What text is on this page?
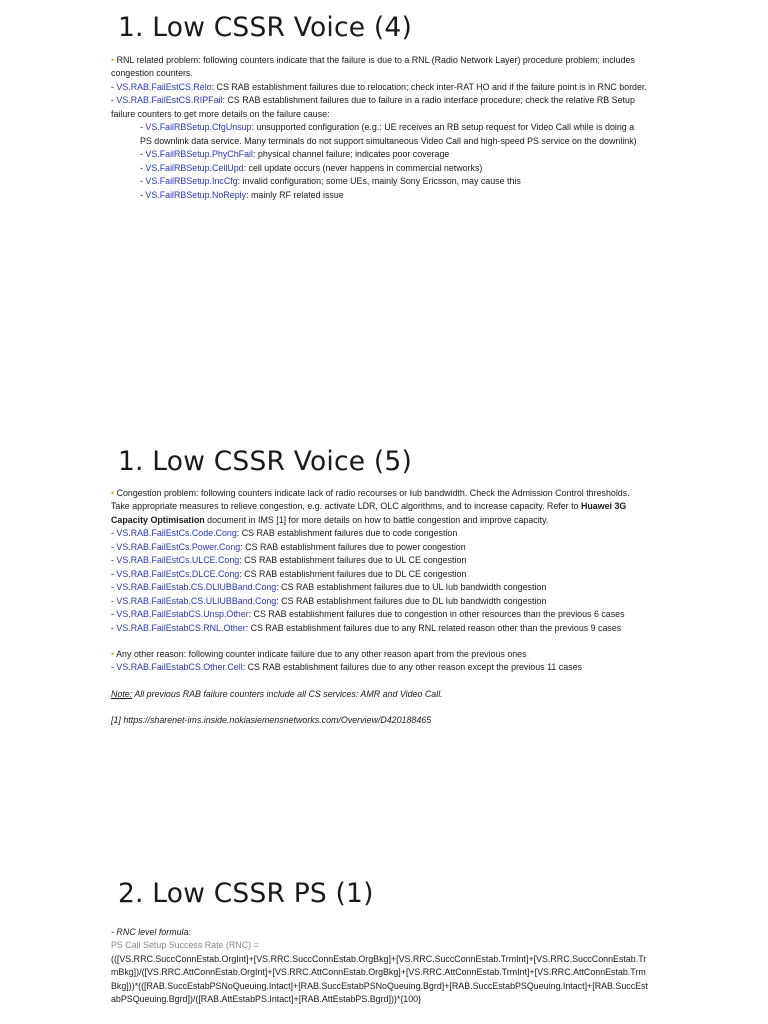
1. Low CSSR Voice (4)

• RNL related problem: following counters indicate that the failure is due to a RNL (Radio Network Layer) procedure problem; includes congestion counters.

- VS.RAB.FailEstCS.Relo: CS RAB establishment failures due to relocation; check inter-RAT HO and if the failure point is in RNC border.

- VS.RAB.FailEstCS.RIPFail: CS RAB establishment failures due to failure in a radio interface procedure; check the relative RB Setup failure counters to get more details on the failure cause:

- VS.FailRBSetup.CfgUnsup: unsupported configuration (e.g.: UE receives an RB setup request for Video Call while is doing a PS downlink data service. Many terminals do not support simultaneous Video Call and high-speed PS service on the downlink)

- VS.FailRBSetup.PhyChFail: physical channel failure; indicates poor coverage

- VS.FailRBSetup.CellUpd: cell update occurs (never happens in commercial networks)

- VS.FailRBSetup.IncCfg: invalid configuration; some UEs, mainly Sony Ericsson, may cause this

- VS.FailRBSetup.NoReply: mainly RF related issue

1. Low CSSR Voice (5)

• Congestion problem: following counters indicate lack of radio recourses or Iub bandwidth. Check the Admission Control thresholds. Take appropriate measures to relieve congestion, e.g. activate LDR, OLC algorithms, and to increase capacity. Refer to Huawei 3G Capacity Optimisation document in IMS [1] for more details on how to battle congestion and improve capacity.

- VS.RAB.FailEstCs.Code.Cong: CS RAB establishment failures due to code congestion

- VS.RAB.FailEstCs.Power.Cong: CS RAB establishment failures due to power congestion

- VS.RAB.FailEstCs.ULCE.Cong: CS RAB establishment failures due to UL CE congestion

- VS.RAB.FailEstCs.DLCE.Cong: CS RAB establishment failures due to DL CE congestion

- VS.RAB.FailEstab.CS.DLIUBBand.Cong: CS RAB establishment failures due to UL Iub bandwidth congestion

- VS.RAB.FailEstab.CS.ULIUBBand.Cong: CS RAB establishment failures due to DL Iub bandwidth congestion

- VS.RAB.FailEstabCS.Unsp.Other: CS RAB establishment failures due to congestion in other resources than the previous 6 cases

- VS.RAB.FailEstabCS.RNL.Other: CS RAB establishment failures due to any RNL related reason other than the previous 9 cases

• Any other reason: following counter indicate failure due to any other reason apart from the previous ones

- VS.RAB.FailEstabCS.Other.Cell: CS RAB establishment failures due to any other reason except the previous 11 cases

Note: All previous RAB failure counters include all CS services: AMR and Video Call.

[1] https://sharenet-ims.inside.nokiasiemensnetworks.com/Overview/D420188465

2. Low CSSR PS (1)

- RNC level formula:

PS Call Setup Success Rate (RNC) =

(([VS.RRC.SuccConnEstab.OrgInt]+[VS.RRC.SuccConnEstab.OrgBkg]+[VS.RRC.SuccConnEstab.TrmInt]+[VS.RRC.SuccConnEstab.TrmBkg])/([VS.RRC.AttConnEstab.OrgInt]+[VS.RRC.AttConnEstab.OrgBkg]+[VS.RRC.AttConnEstab.TrmInt]+[VS.RRC.AttConnEstab.TrmBkg]))*(([RAB.SuccEstabPSNoQueuing.Intact]+[RAB.SuccEstabPSNoQueuing.Bgrd]+[RAB.SuccEstabPSQueuing.Intact]+[RAB.SuccEstabPSQueuing.Bgrd])/([RAB.AttEstabPS.Intact]+[RAB.AttEstabPS.Bgrd]))*{100}
